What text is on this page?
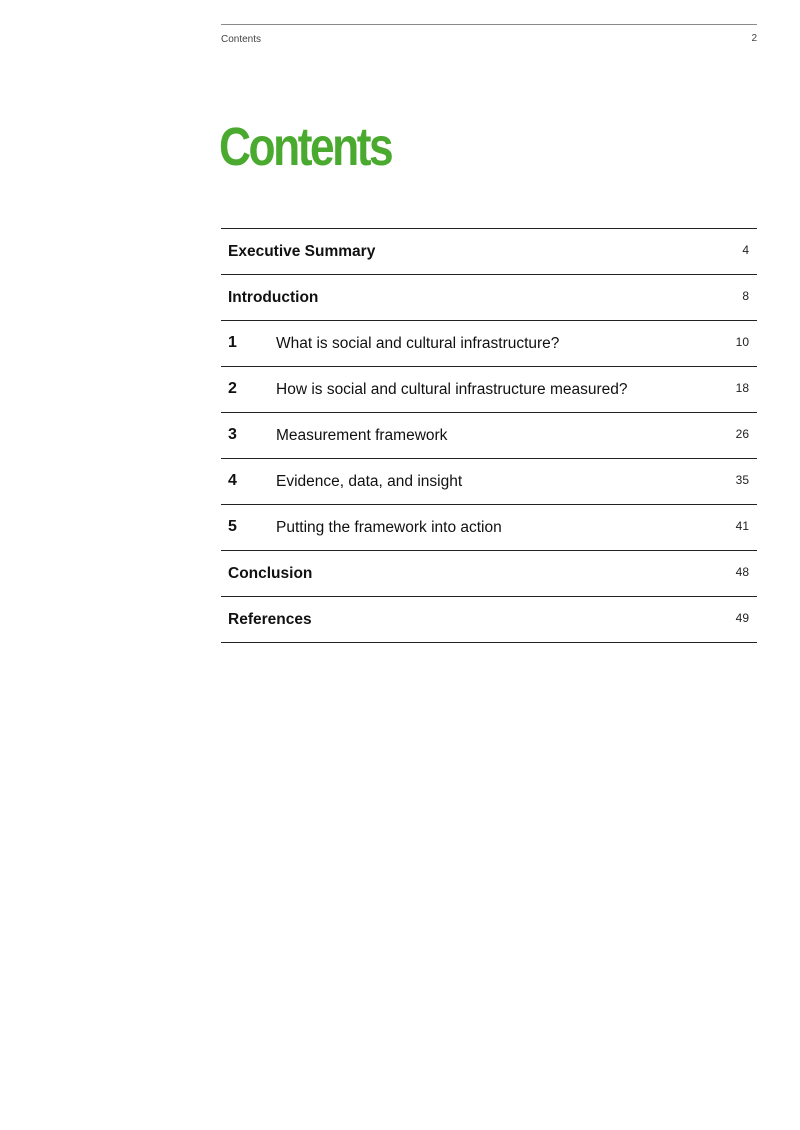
Contents	2
Contents
Executive Summary	4
Introduction	8
1	What is social and cultural infrastructure?	10
2	How is social and cultural infrastructure measured?	18
3	Measurement framework	26
4	Evidence, data, and insight	35
5	Putting the framework into action	41
Conclusion	48
References	49
